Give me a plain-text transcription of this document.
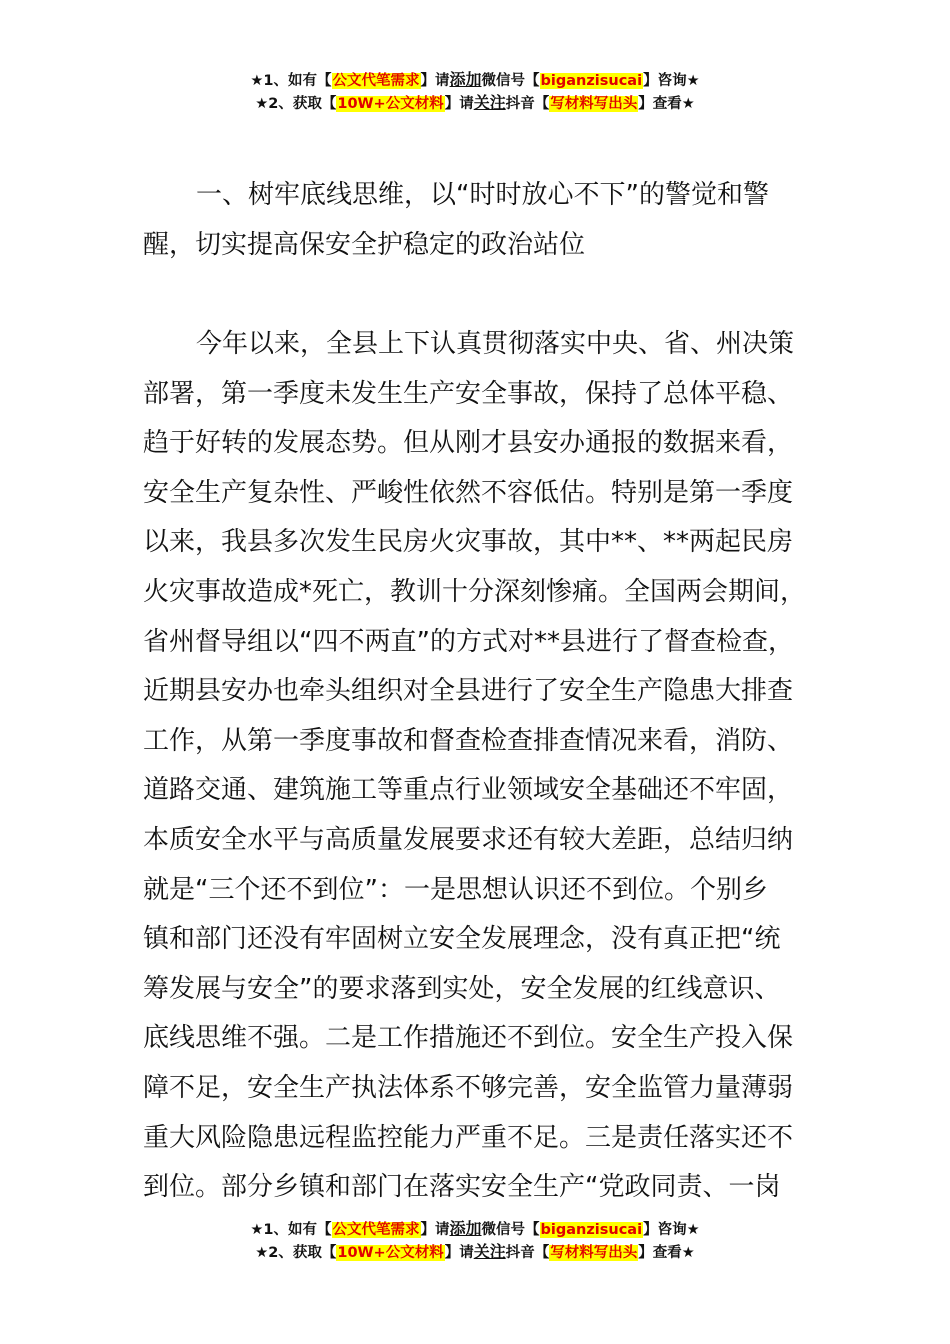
★1、如有【公文代笔需求】请添加微信号【biganzisucai】咨询★
★2、获取【10W+公文材料】请关注抖音【写材料写出头】查看★
一、树牢底线思维，以“时时放心不下”的警觉和警
醒，切实提高保安全护稳定的政治站位
今年以来，全县上下认真贯彻落实中央、省、州决策
部署，第一季度未发生生产安全事故，保持了总体平稳、
趋于好转的发展态势。但从刚才县安办通报的数据来看，
安全生产复杂性、严峻性依然不容低估。特别是第一季度
以来，我县多次发生民房火灾事故，其中**、**两起民房
火灾事故造成*死亡，教训十分深刻惨痛。全国两会期间，
省州督导组以“四不两直”的方式对**县进行了督查检查，
近期县安办也牵头组织对全县进行了安全生产隐患大排查
工作，从第一季度事故和督查检查排查情况来看，消防、
道路交通、建筑施工等重点行业领域安全基础还不牢固，
本质安全水平与高质量发展要求还有较大差距，总结归纳
就是“三个还不到位”：一是思想认识还不到位。个别乡
镇和部门还没有牢固树立安全发展理念，没有真正把“统
筹发展与安全”的要求落到实处，安全发展的红线意识、
底线思维不强。二是工作措施还不到位。安全生产投入保
障不足，安全生产执法体系不够完善，安全监管力量薄弱
重大风险隐患远程监控能力严重不足。三是责任落实还不
到位。部分乡镇和部门在落实安全生产“党政同责、一岗
★1、如有【公文代笔需求】请添加微信号【biganzisucai】咨询★
★2、获取【10W+公文材料】请关注抖音【写材料写出头】查看★
